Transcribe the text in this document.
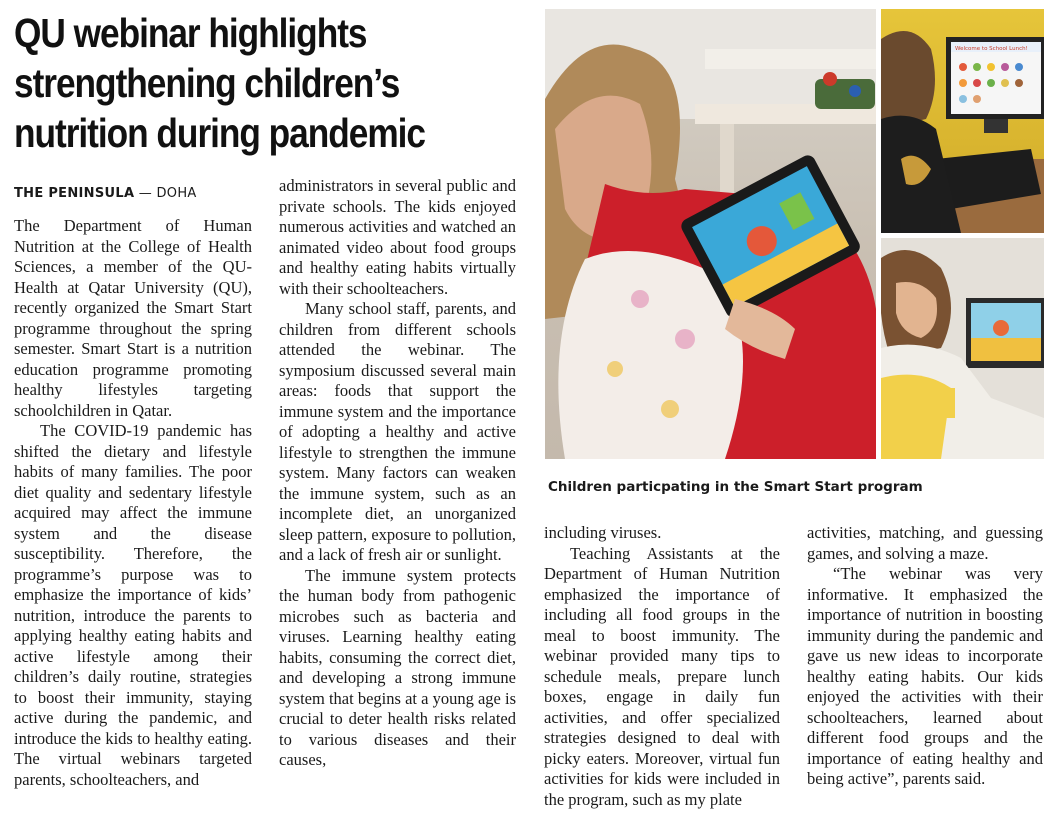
QU webinar highlights
strengthening children’s
nutrition during pandemic
THE PENINSULA — DOHA

The Department of Human Nutrition at the College of Health Sciences, a member of the QU-Health at Qatar University (QU), recently organized the Smart Start programme throughout the spring semester. Smart Start is a nutrition education programme promoting healthy lifestyles targeting schoolchildren in Qatar.

The COVID-19 pandemic has shifted the dietary and lifestyle habits of many families. The poor diet quality and sedentary lifestyle acquired may affect the immune system and the disease susceptibility. Therefore, the programme’s purpose was to emphasize the importance of kids’ nutrition, introduce the parents to applying healthy eating habits and active lifestyle among their children’s daily routine, strategies to boost their immunity, staying active during the pandemic, and introduce the kids to healthy eating. The virtual webinars targeted parents, schoolteachers, and

administrators in several public and private schools. The kids enjoyed numerous activities and watched an animated video about food groups and healthy eating habits virtually with their schoolteachers.

Many school staff, parents, and children from different schools attended the webinar. The symposium discussed several main areas: foods that support the immune system and the importance of adopting a healthy and active lifestyle to strengthen the immune system. Many factors can weaken the immune system, such as an incomplete diet, an unorganized sleep pattern, exposure to pollution, and a lack of fresh air or sunlight.

The immune system protects the human body from pathogenic microbes such as bacteria and viruses. Learning healthy eating habits, consuming the correct diet, and developing a strong immune system that begins at a young age is crucial to deter health risks related to various diseases and their causes,

including viruses.

Teaching Assistants at the Department of Human Nutrition emphasized the importance of including all food groups in the meal to boost immunity. The webinar provided many tips to schedule meals, prepare lunch boxes, engage in daily fun activities, and offer specialized strategies designed to deal with picky eaters. Moreover, virtual fun activities for kids were included in the program, such as my plate

activities, matching, and guessing games, and solving a maze.

“The webinar was very informative. It emphasized the importance of nutrition in boosting immunity during the pandemic and gave us new ideas to incorporate healthy eating habits. Our kids enjoyed the activities with their schoolteachers, learned about different food groups and the importance of eating healthy and being active”, parents said.

Welcome to School Lunch!
Children particpating in the Smart Start program
